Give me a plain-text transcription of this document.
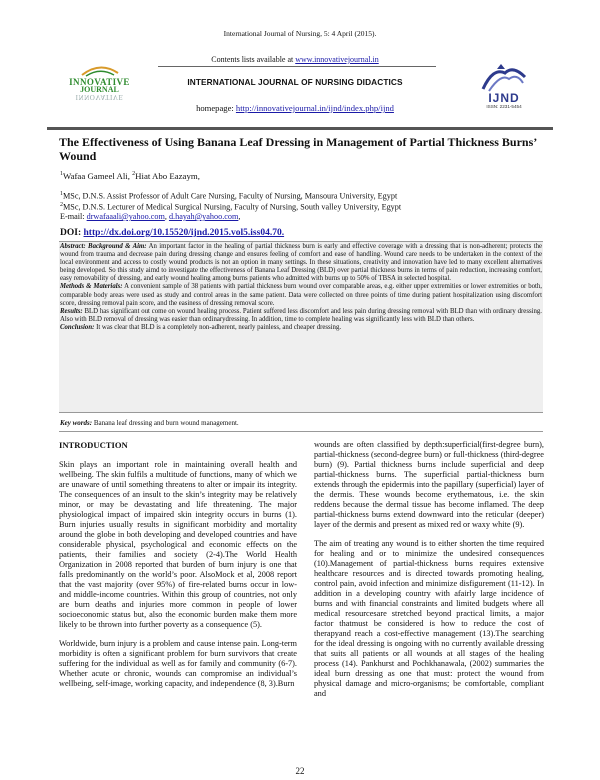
International Journal of Nursing, 5: 4 April (2015).
INNOVATIVE
JOURNAL
INNOVATIVE
Contents lists available at www.innovativejournal.in
INTERNATIONAL JOURNAL OF NURSING DIDACTICS
homepage: http://innovativejournal.in/ijnd/index.php/ijnd
IJND
ISSN: 2231-5454
The Effectiveness of Using Banana Leaf Dressing in Management of Partial Thickness Burns’ Wound
$^1$Wafaa Gameel Ali, $^2$Hiat Abo Eazaym,
$^1$MSc, D.N.S. Assist Professor of Adult Care Nursing, Faculty of Nursing, Mansoura University, Egypt
$^2$MSc, D.N.S. Lecturer of Medical Surgical Nursing, Faculty of Nursing, South valley University, Egypt
E-mail: drwafaaali@yahoo.com, d.hayah@yahoo.com,
DOI: http://dx.doi.org/10.15520/ijnd.2015.vol5.iss04.70.

Abstract: Background & Aim: An important factor in the healing of partial thickness burn is early and effective coverage with a dressing that is non-adherent; protects the wound from trauma and decrease pain during dressing change and ensures feeling of comfort and ease of handling. Wound care needs to be undertaken in the context of the local environment and access to costly wound products is not an option in many settings. In these situations, creativity and innovation have led to many excellent alternatives being developed. So this study aimd to investigate the effectiveness of Banana Leaf Dressing (BLD) over partial thickness burns in terms of pain reduction, increasing comfort, easy removability of dressing, and early wound healing among burns patients who admitted with burns up to 50% of TBSA in selected hospital.

Methods & Materials: A convenient sample of 38 patients with partial thickness burn wound over comparable areas, e.g. either upper extremities or lower extremities or both, comparable body areas were used as study and control areas in the same patient. Data were collected on three points of time during patient hospitalization using discomfort score, dressing removal pain score, and the easiness of dressing removal score.

Results: BLD has significant out come on wound healing process. Patient suffered less discomfort and less pain during dressing removal with BLD than with ordinary dressing. Also with BLD removal of dressing was easier than ordinarydressing. In addition, time to complete healing was significantly less with BLD than others.

Conclusion: It was clear that BLD is a completely non-adherent, nearly painless, and cheaper dressing.

Key words: Banana leaf dressing and burn wound management.
INTRODUCTION

Skin plays an important role in maintaining overall health and wellbeing. The skin fulfils a multitude of functions, many of which we are unaware of until something threatens to alter or impair its integrity. The consequences of an insult to the skin’s integrity may be relatively minor, or may be devastating and life threatening. The major physiological impact of impaired skin integrity occurs in burns (1). Burn injuries usually results in significant morbidity and mortality around the globe in both developing and developed countries and have considerable physical, psychological and economic effects on the patients, their families and society (2-4).The World Health Organization in 2008 reported that burden of burn injury is one that falls predominantly on the world’s poor. AlsoMock et al, 2008 report that the vast majority (over 95%) of fire-related burns occur in low- and middle-income countries. Within this group of countries, not only are burn deaths and injuries more common in people of lower socioeconomic status but, also the economic burden make them more likely to be thrown into further poverty as a consequence (5).

Worldwide, burn injury is a problem and cause intense pain. Long-term morbidity is often a significant problem for burn survivors that create suffering for the individual as well as for family and community (6-7). Whether acute or chronic, wounds can compromise an individual’s wellbeing, self-image, working capacity, and independence (8, 3).Burn

wounds are often classified by depth:superficial(first-degree burn), partial-thickness (second-degree burn) or full-thickness (third-degree burn) (9). Partial thickness burns include superficial and deep partial-thickness burns. The superficial partial-thickness burn extends through the epidermis into the papillary (superficial) layer of the dermis. These wounds become erythematous, i.e. the skin reddens because the dermal tissue has become inflamed. The deep partial-thickness burns extend downward into the reticular (deeper) layer of the dermis and present as mixed red or waxy white (9).

The aim of treating any wound is to either shorten the time required for healing and or to minimize the undesired consequences (10).Management of partial-thickness burns requires extensive healthcare resources and is directed towards promoting healing, control pain, avoid infection and minimize disfigurement (11-12). In addition in a developing country with afairly large incidence of burns and with financial constraints and limited budgets where all medical resourcesare stretched beyond practical limits, a major factor thatmust be considered is how to reduce the cost of therapyand reach a cost-effective management (13).The searching for the ideal dressing is ongoing with no currently available dressing that suits all patients or all wounds at all stages of the healing process (14). Pankhurst and Pochkhanawala, (2002) summaries the ideal burn dressing as one that must: protect the wound from physical damage and micro-organisms; be comfortable, compliant and

22
